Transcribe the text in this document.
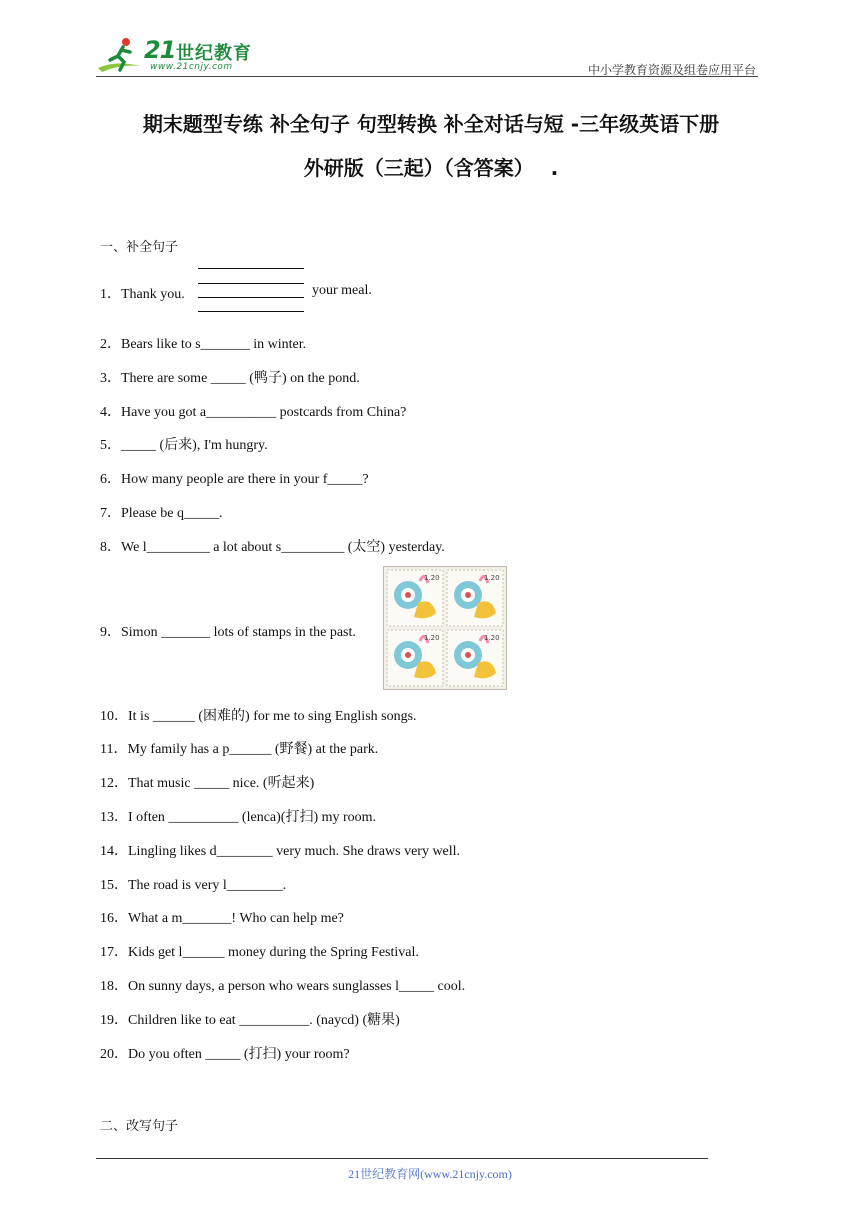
21 世纪教育
www.21cnjy.com	中小学教育资源及组卷应用平台
期末题型专练 补全句子 句型转换 补全对话与短 -三年级英语下册
外研版（三起）（含答案）　 .
一、补全句子
1．Thank you.	your meal.
2．Bears like to s_______ in winter.
3．There are some _____ (鸭子) on the pond.
4．Have you got a__________ postcards from China?
5．_____ (后来), I'm hungry.
6．How many people are there in your f_____?
7．Please be q_____.
8．We l_________ a lot about s_________ (太空) yesterday.
9．Simon _______ lots of stamps in the past.
1.20	1.20
1.20	1.20
10．It is ______ (困难的) for me to sing English songs.
11．My family has a p______ (野餐) at the park.
12．That music _____ nice. (听起来)
13．I often __________ (lenca)(打扫) my room.
14．Lingling likes d________ very much. She draws very well.
15．The road is very l________.
16．What a m_______! Who can help me?
17．Kids get l______ money during the Spring Festival.
18．On sunny days, a person who wears sunglasses l_____ cool.
19．Children like to eat __________. (naycd) (糖果)
20．Do you often _____ (打扫) your room?
二、改写句子
21世纪教育网(www.21cnjy.com)
